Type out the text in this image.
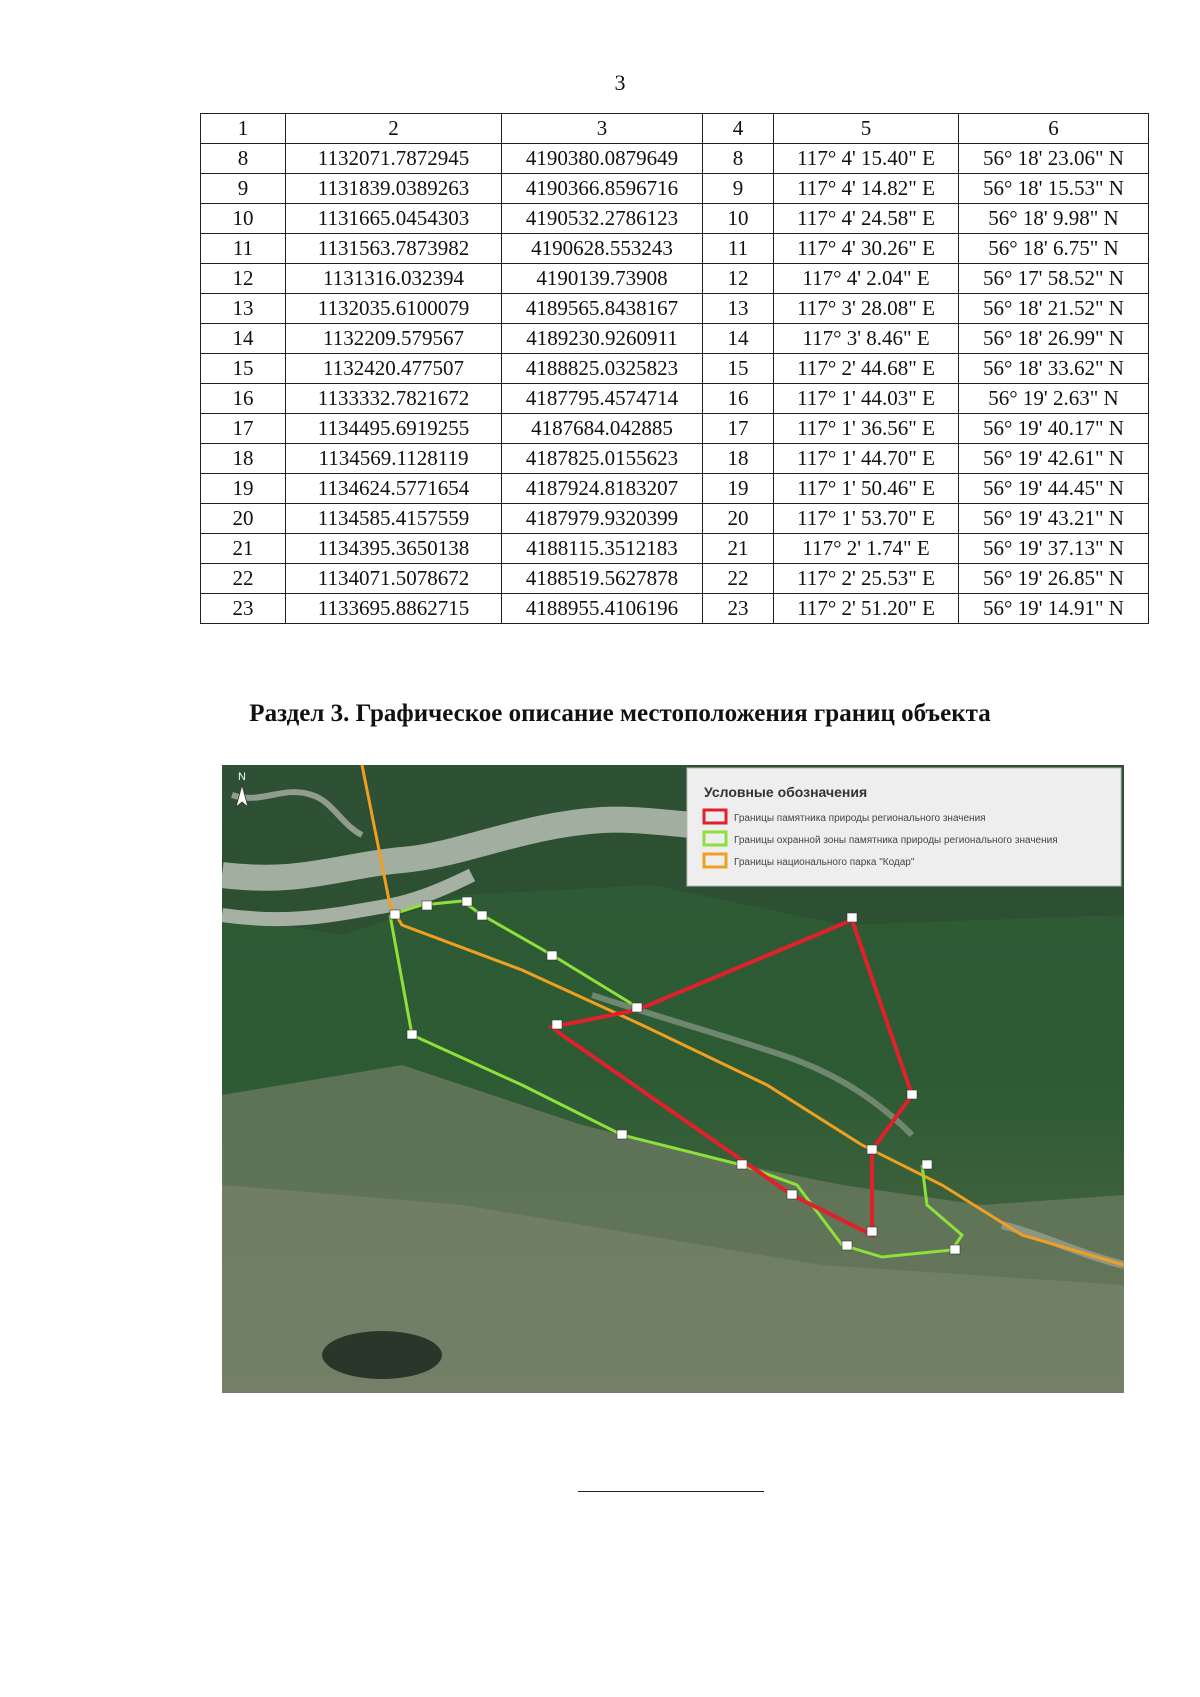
3
1	2	3	4	5	6
8	1132071.7872945	4190380.0879649	8	117° 4' 15.40" E	56° 18' 23.06" N
9	1131839.0389263	4190366.8596716	9	117° 4' 14.82" E	56° 18' 15.53" N
10	1131665.0454303	4190532.2786123	10	117° 4' 24.58" E	56° 18' 9.98" N
11	1131563.7873982	4190628.553243	11	117° 4' 30.26" E	56° 18' 6.75" N
12	1131316.032394	4190139.73908	12	117° 4' 2.04" E	56° 17' 58.52" N
13	1132035.6100079	4189565.8438167	13	117° 3' 28.08" E	56° 18' 21.52" N
14	1132209.579567	4189230.9260911	14	117° 3' 8.46" E	56° 18' 26.99" N
15	1132420.477507	4188825.0325823	15	117° 2' 44.68" E	56° 18' 33.62" N
16	1133332.7821672	4187795.4574714	16	117° 1' 44.03" E	56° 19' 2.63" N
17	1134495.6919255	4187684.042885	17	117° 1' 36.56" E	56° 19' 40.17" N
18	1134569.1128119	4187825.0155623	18	117° 1' 44.70" E	56° 19' 42.61" N
19	1134624.5771654	4187924.8183207	19	117° 1' 50.46" E	56° 19' 44.45" N
20	1134585.4157559	4187979.9320399	20	117° 1' 53.70" E	56° 19' 43.21" N
21	1134395.3650138	4188115.3512183	21	117° 2' 1.74" E	56° 19' 37.13" N
22	1134071.5078672	4188519.5627878	22	117° 2' 25.53" E	56° 19' 26.85" N
23	1133695.8862715	4188955.4106196	23	117° 2' 51.20" E	56° 19' 14.91" N
Раздел 3. Графическое описание местоположения границ объекта
N
Условные обозначения
Границы памятника природы регионального значения
Границы охранной зоны памятника природы регионального значения
Границы национального парка "Кодар"
